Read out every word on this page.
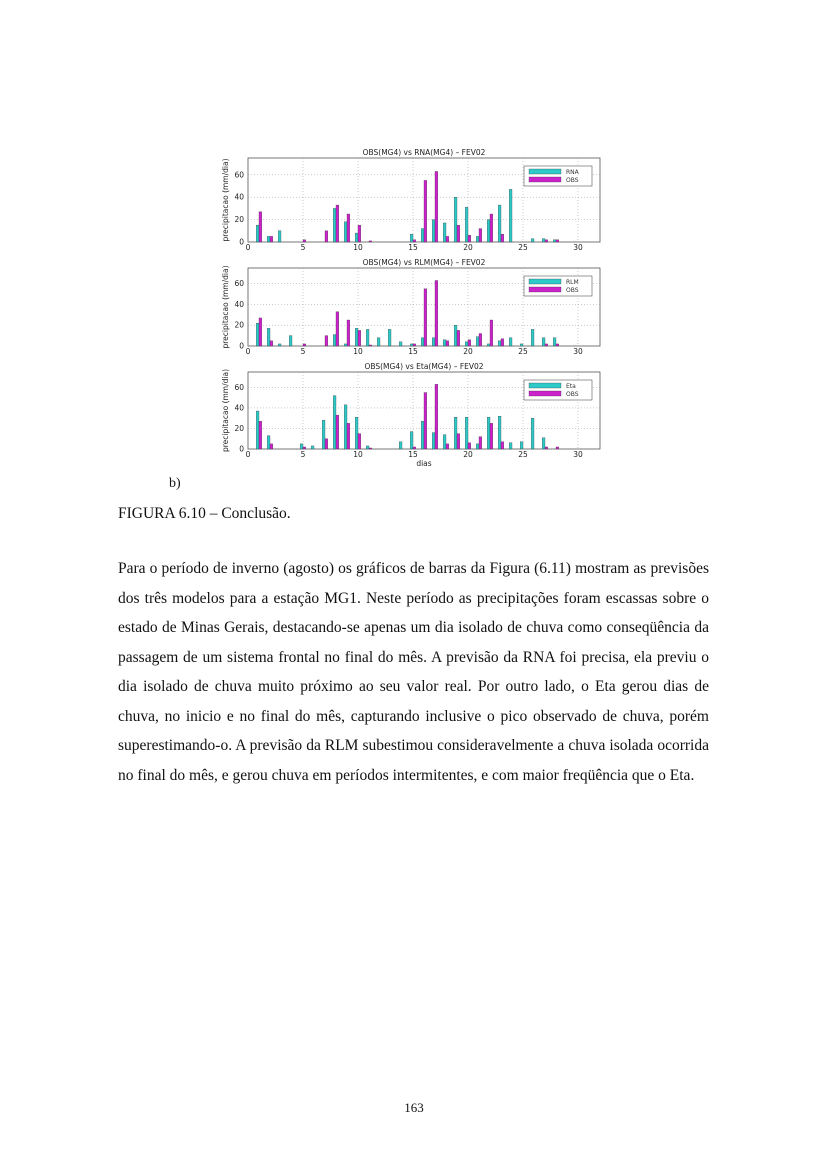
0	5	10	15	20	25	30
0
20
40
60
OBS(MG4) vs RNA(MG4) – FEV02
precipitacao (mm/dia)	RNA
OBS
0	5	10	15	20	25	30
0
20
40
60
OBS(MG4) vs RLM(MG4) – FEV02
precipitacao (mm/dia)	RLM
OBS
0	5	10	15	20	25	30
0
20
40
60
OBS(MG4) vs Eta(MG4) – FEV02
precipitacao (mm/dia)
dias
Eta
OBS
b)
FIGURA 6.10 – Conclusão.

Para o período de inverno (agosto) os gráficos de barras da Figura (6.11) mostram as previsões dos três modelos para a estação MG1. Neste período as precipitações foram escassas sobre o estado de Minas Gerais, destacando-se apenas um dia isolado de chuva como conseqüência da passagem de um sistema frontal no final do mês. A previsão da RNA foi precisa, ela previu o dia isolado de chuva muito próximo ao seu valor real. Por outro lado, o Eta gerou dias de chuva, no inicio e no final do mês, capturando inclusive o pico observado de chuva, porém superestimando-o. A previsão da RLM subestimou consideravelmente a chuva isolada ocorrida no final do mês, e gerou chuva em períodos intermitentes, e com maior freqüência que o Eta.

163
